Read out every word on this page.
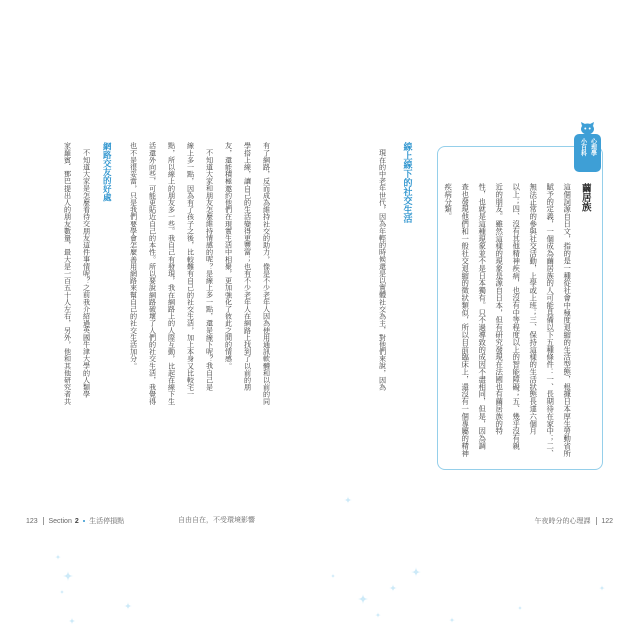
有了網路，反而成為維持社交的助力，像是不少老年人因為使用通訊軟體和以前的同
學搭上線，讓自己的生活變得更豐富；也有不少老年人在網路上找到了以前的朋
友，還能積極邀約他們在現實生活中相聚，更加強化了彼此之間的情感。
不知道大家和朋友怎麼維持情感的呢？是線上多一點，還是線下呢？我自己是
線上多一點，因為有了孩子之後，比較難有自己的社交生活，加上本身又比較宅一
點，所以線上的朋友多一些。我自己有發現，我在網路上的人際互動，比起在線下生
活還外向些，可能更貼近自己的本性。所以要說網路破壞了人們的社交生活，我覺得
也不是很妥當，只是我們要學會怎麼善用網路來幫自己的社交生活加分。
網路交友的好處
不知道大家是怎麼看待交朋友這件事情呢？之前我介紹過英國牛津大學的人類學
家羅賓．鄧巴提出人的朋友數量，最大是一百五十人左右，另外，他和其他研究者共
123 Section 2 生活停損點	自由自在，不受環境影響
心理學
小百科
繭居族
這個詞源自日文，指的是一種從社會中極度退縮的生活型態，根據日本厚生勞動省所
賦予的定義，一個成為繭居族的人可能具備以下五種條件：一、長期待在家中；二、
無法正常的參與社交活動，上學或上班；三、保持這樣的生活狀態長達六個月
以上；四、沒有其他精神疾病，也沒有中等程度以上的智能障礙；五、幾乎沒有親
近的朋友。雖然這樣的現象是源自日本，但有研究發現在法國也有繭居族的特
性，也就是這種現象並不是日本獨有。只不過導致的成因不盡相同，但是，因為調
查也發現他們和一般社交退縮的徵狀類似，所以目前臨床上，還沒有一個專屬的精神
疾病分類。
線上線下的社交生活
現在的中老年世代，因為年輕的時候還是以實體社交為主，對他們來說，因為
午夜時分的心理課 122
